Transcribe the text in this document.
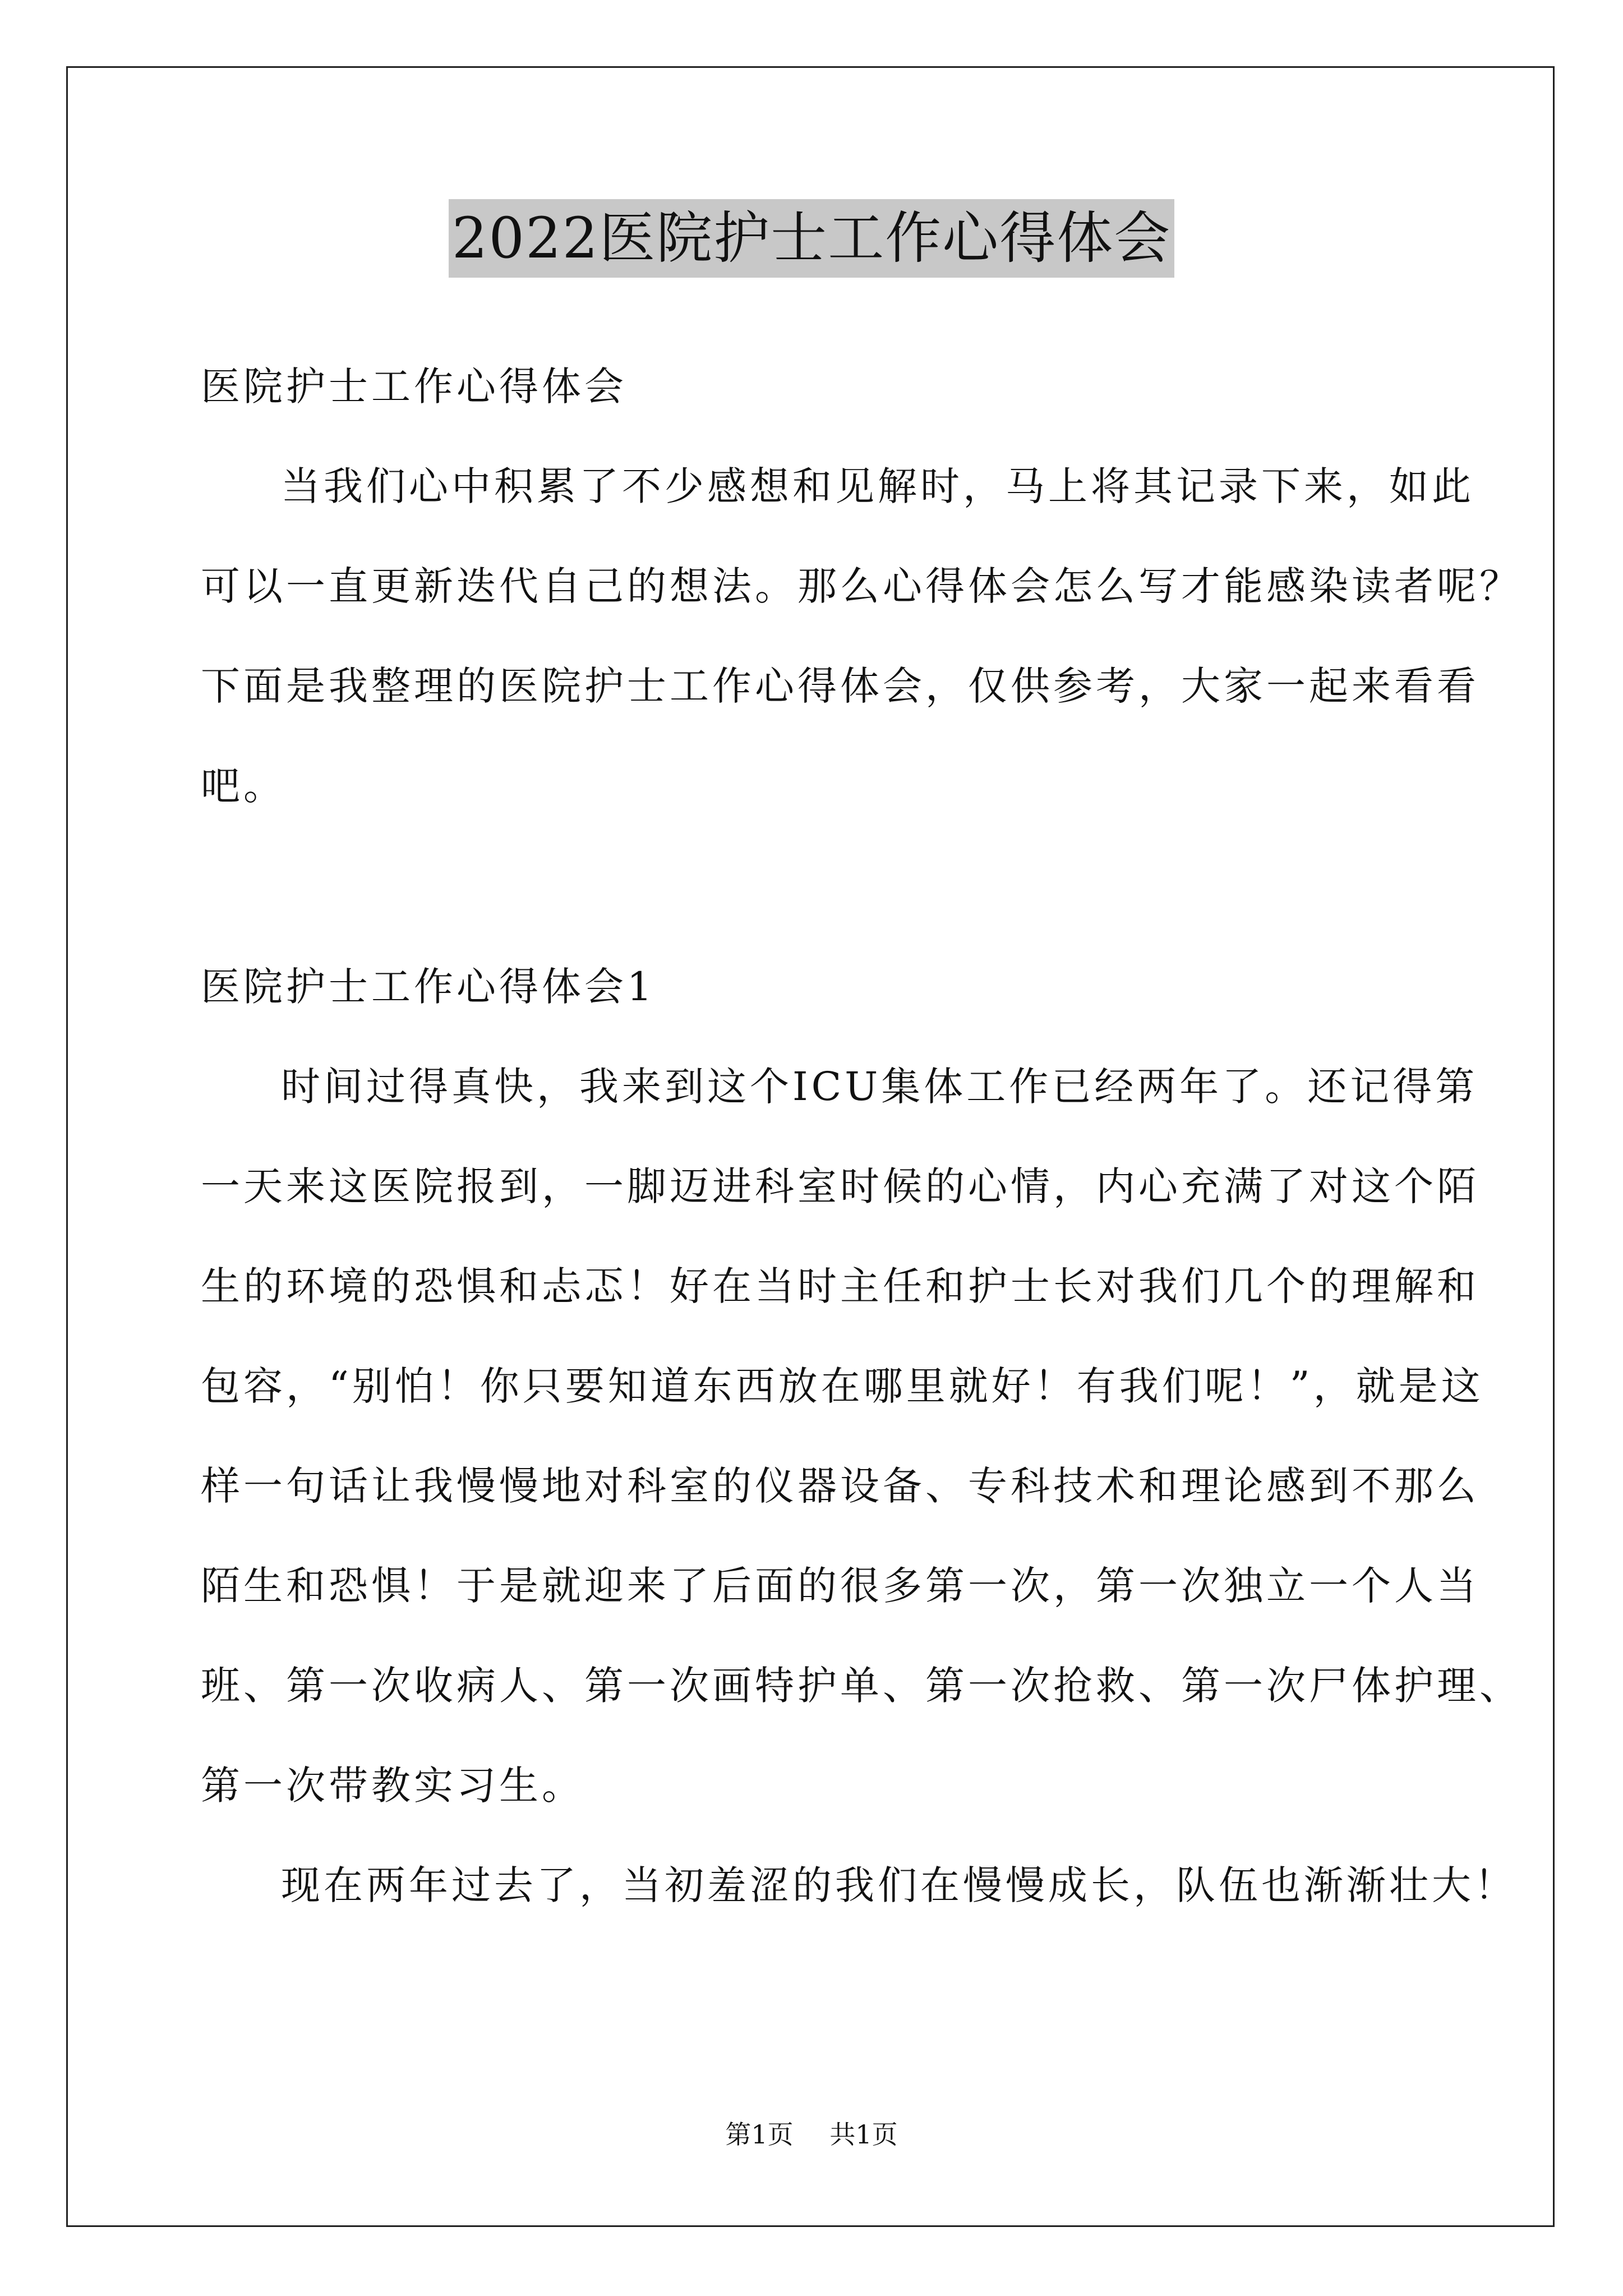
2022医院护士工作心得体会

医院护士工作心得体会

当我们心中积累了不少感想和见解时，马上将其记录下来，如此

可以一直更新迭代自己的想法。那么心得体会怎么写才能感染读者呢？

下面是我整理的医院护士工作心得体会，仅供参考，大家一起来看看

吧。

医院护士工作心得体会1

时间过得真快，我来到这个ICU集体工作已经两年了。还记得第

一天来这医院报到，一脚迈进科室时候的心情，内心充满了对这个陌

生的环境的恐惧和忐忑！好在当时主任和护士长对我们几个的理解和

包容，“别怕！你只要知道东西放在哪里就好！有我们呢！”，就是这

样一句话让我慢慢地对科室的仪器设备、专科技术和理论感到不那么

陌生和恐惧！于是就迎来了后面的很多第一次，第一次独立一个人当

班、第一次收病人、第一次画特护单、第一次抢救、第一次尸体护理、

第一次带教实习生。

现在两年过去了，当初羞涩的我们在慢慢成长，队伍也渐渐壮大！

第1页 共1页
